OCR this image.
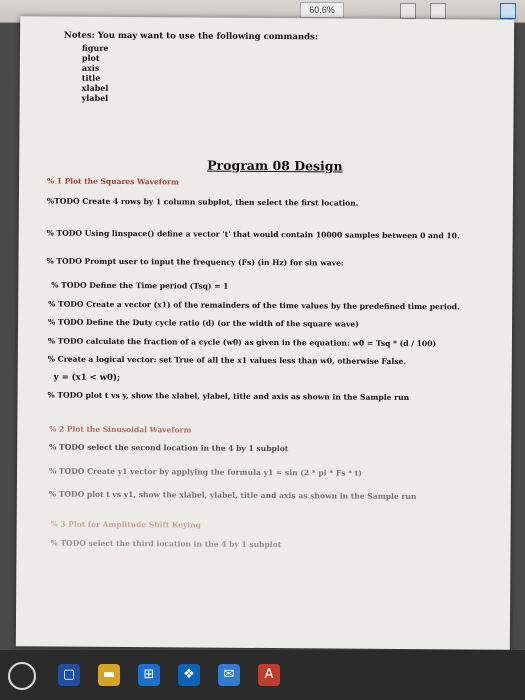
60.6%
Notes: You may want to use the following commands:
figure
plot
axis
title
xlabel
ylabel
Program 08 Design
% 1 Plot the Squares Waveform
%TODO Create 4 rows by 1 column subplot, then select the first location.
% TODO Using linspace() define a vector 't' that would contain 10000 samples between 0 and 10.
% TODO Prompt user to input the frequency (Fs) (in Hz) for sin wave:
% TODO Define the Time period (Tsq) = 1
% TODO Create a vector (x1) of the remainders of the time values by the predefined time period.
% TODO Define the Duty cycle ratio (d) (or the width of the square wave)
% TODO calculate the fraction of a cycle (w0) as given in the equation: w0 = Tsq * (d / 100)
% Create a logical vector: set True of all the x1 values less than w0, otherwise False.
y = (x1 < w0);
% TODO plot t vs y, show the xlabel, ylabel, title and axis as shown in the Sample run
% 2 Plot the Sinusoidal Waveform
% TODO select the second location in the 4 by 1 subplot
% TODO Create y1 vector by applying the formula y1 = sin (2 * pi * Fs * t)
% TODO plot t vs y1, show the xlabel, ylabel, title and axis as shown in the Sample run
% 3 Plot for Amplitude Shift Keying
% TODO select the third location in the 4 by 1 subplot
▢	▬	⊞	❖	✉	A
